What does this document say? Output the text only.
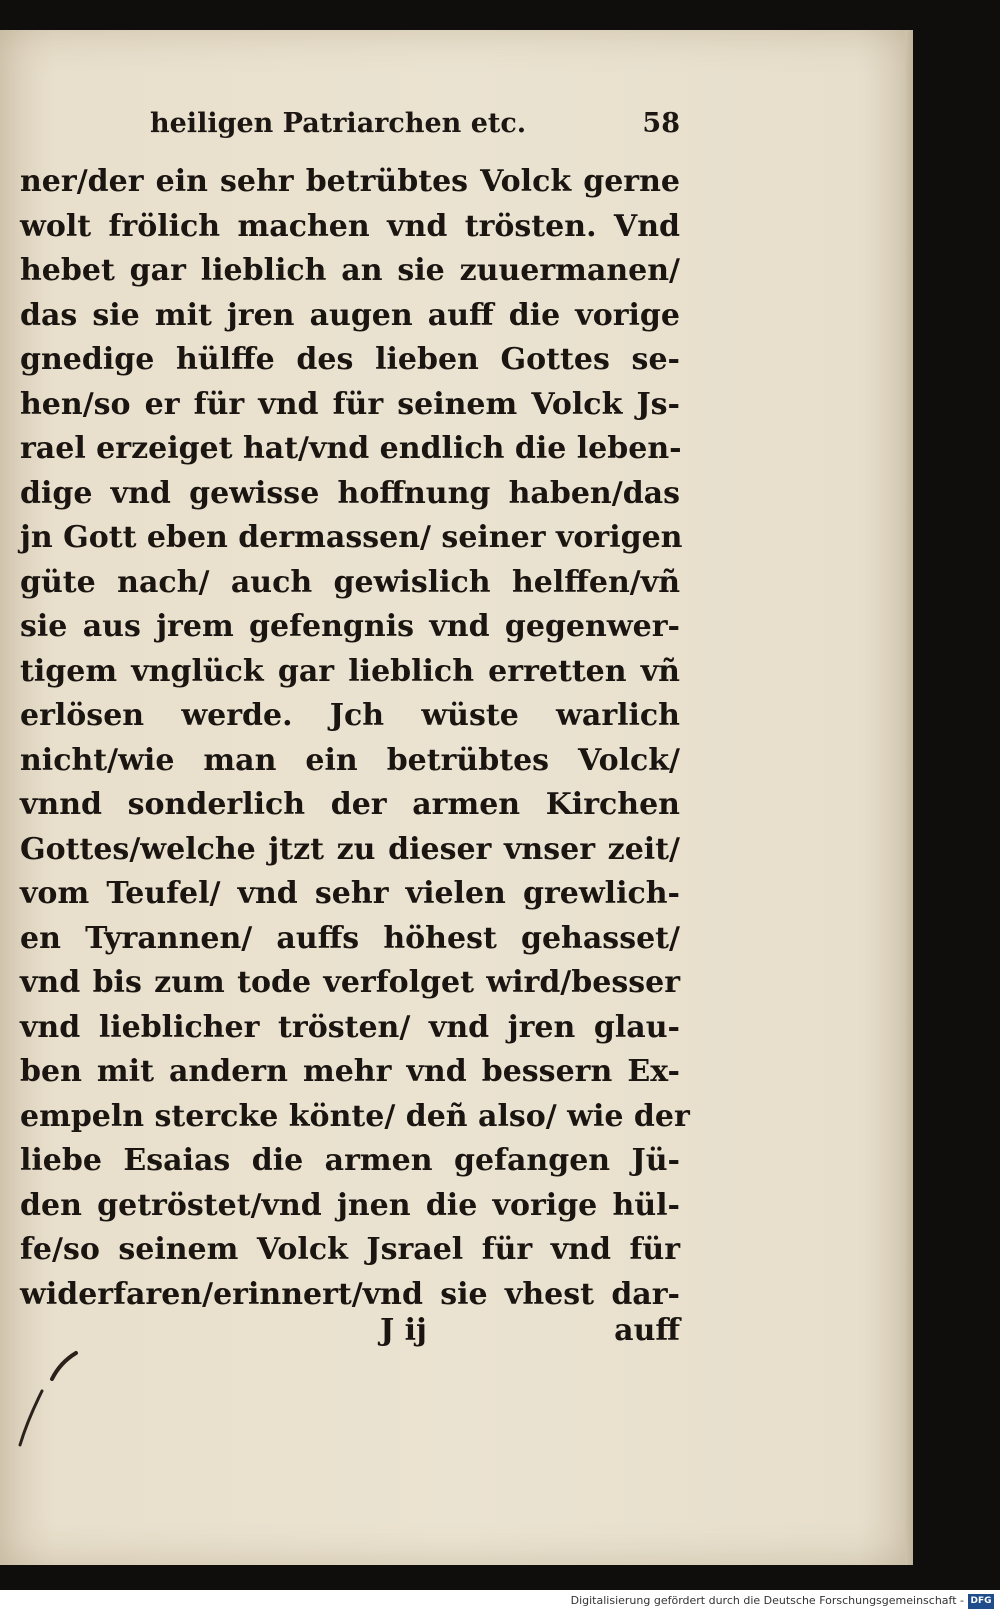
heiligen Patriarchen etc.	58
ner/der ein sehr betrübtes Volck gerne
wolt frölich machen vnd trösten. Vnd
hebet gar lieblich an sie zuuermanen/
das sie mit jren augen auff die vorige
gnedige hülffe des lieben Gottes se-
hen/so er für vnd für seinem Volck Js-
rael erzeiget hat/vnd endlich die leben-
dige vnd gewisse hoffnung haben/das
jn Gott eben dermassen/ seiner vorigen
güte nach/ auch gewislich helffen/vñ
sie aus jrem gefengnis vnd gegenwer-
tigem vnglück gar lieblich erretten vñ
erlösen werde. Jch wüste warlich
nicht/wie man ein betrübtes Volck/
vnnd sonderlich der armen Kirchen
Gottes/welche jtzt zu dieser vnser zeit/
vom Teufel/ vnd sehr vielen grewlich-
en Tyrannen/ auffs höhest gehasset/
vnd bis zum tode verfolget wird/besser
vnd lieblicher trösten/ vnd jren glau-
ben mit andern mehr vnd bessern Ex-
empeln stercke könte/ deñ also/ wie der
liebe Esaias die armen gefangen Jü-
den getröstet/vnd jnen die vorige hül-
fe/so seinem Volck Jsrael für vnd für
widerfaren/erinnert/vnd sie vhest dar-
J ij	auff
Digitalisierung gefördert durch die Deutsche Forschungsgemeinschaft - DFG
